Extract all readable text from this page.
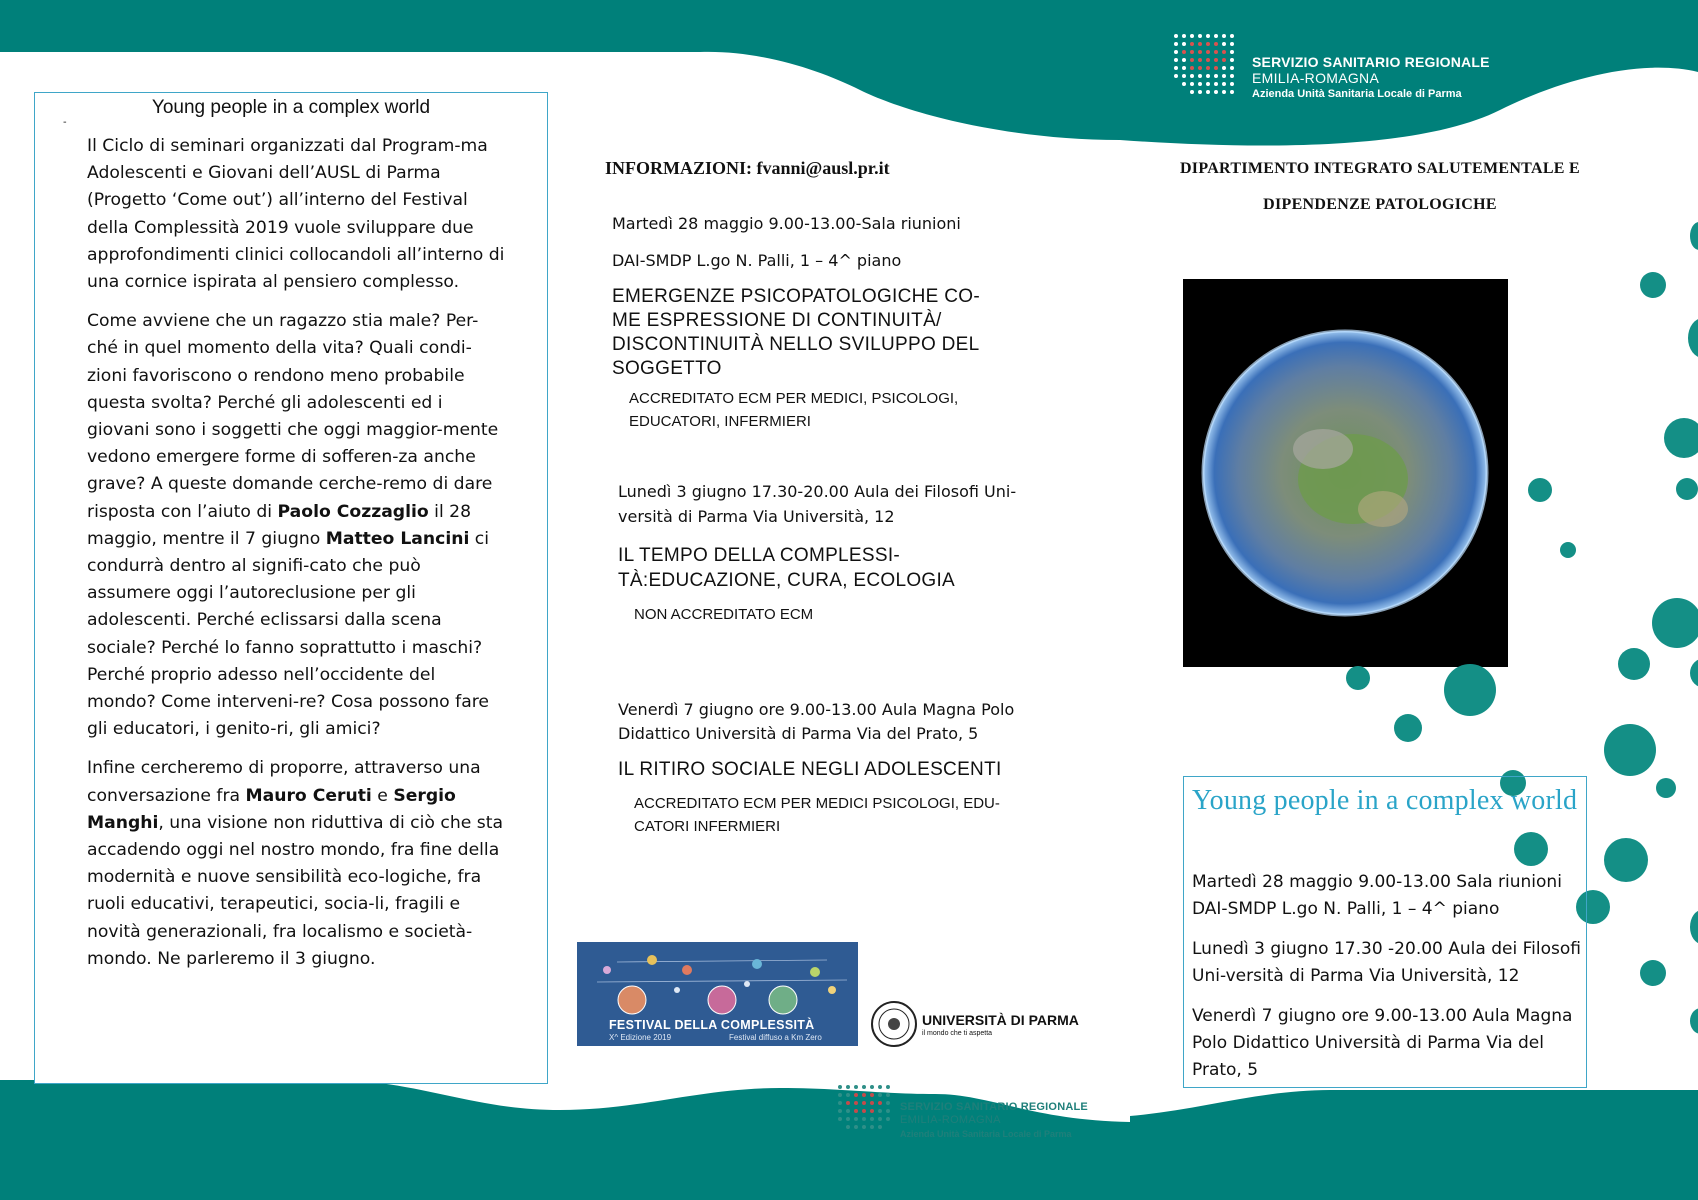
Young people in a complex world
-

Il Ciclo di seminari organizzati dal Program-ma Adolescenti e Giovani dell’AUSL di Parma (Progetto ‘Come out’) all’interno del Festival della Complessità 2019 vuole sviluppare due approfondimenti clinici collocandoli all’interno di una cornice ispirata al pensiero complesso.

Come avviene che un ragazzo stia male? Per-ché in quel momento della vita? Quali condi-zioni favoriscono o rendono meno probabile questa svolta? Perché gli adolescenti ed i giovani sono i soggetti che oggi maggior-mente vedono emergere forme di sofferen-za anche grave? A queste domande cerche-remo di dare risposta con l’aiuto di Paolo Cozzaglio il 28 maggio, mentre il 7 giugno Matteo Lancini ci condurrà dentro al signifi-cato che può assumere oggi l’autoreclusione per gli adolescenti. Perché eclissarsi dalla scena sociale? Perché lo fanno soprattutto i maschi? Perché proprio adesso nell’occidente del mondo? Come interveni-re? Cosa possono fare gli educatori, i genito-ri, gli amici?

Infine cercheremo di proporre, attraverso una conversazione fra Mauro Ceruti e Sergio Manghi, una visione non riduttiva di ciò che sta accadendo oggi nel nostro mondo, fra fine della modernità e nuove sensibilità eco-logiche, fra ruoli educativi, terapeutici, socia-li, fragili e novità generazionali, fra localismo e società-mondo. Ne parleremo il 3 giugno.

INFORMAZIONI: fvanni@ausl.pr.it
Martedì 28 maggio 9.00-13.00-Sala riunioni
DAI-SMDP L.go N. Palli, 1 – 4^ piano
EMERGENZE PSICOPATOLOGICHE CO-
ME ESPRESSIONE DI CONTINUITÀ/
DISCONTINUITÀ NELLO SVILUPPO DEL
SOGGETTO
ACCREDITATO ECM PER MEDICI, PSICOLOGI,
EDUCATORI, INFERMIERI
Lunedì 3 giugno 17.30-20.00 Aula dei Filosofi Uni-
versità di Parma Via Università, 12
IL TEMPO DELLA COMPLESSI-
TÀ:EDUCAZIONE, CURA, ECOLOGIA
NON ACCREDITATO ECM
Venerdì 7 giugno ore 9.00-13.00 Aula Magna Polo
Didattico Università di Parma Via del Prato, 5
IL RITIRO SOCIALE NEGLI ADOLESCENTI
ACCREDITATO ECM PER MEDICI PSICOLOGI, EDU-
CATORI INFERMIERI
FESTIVAL DELLA COMPLESSITÀ
X^ Edizione 2019	Festival diffuso a Km Zero
UNIVERSITÀ DI PARMA
il mondo che ti aspetta
SERVIZIO SANITARIO REGIONALE
EMILIA-ROMAGNA
Azienda Unità Sanitaria Locale di Parma
SERVIZIO SANITARIO REGIONALE
EMILIA-ROMAGNA
Azienda Unità Sanitaria Locale di Parma
DIPARTIMENTO INTEGRATO SALUTEMENTALE E
DIPENDENZE PATOLOGICHE
Young people in a complex world
Martedì 28 maggio 9.00-13.00 Sala riunioni DAI-SMDP L.go N. Palli, 1 – 4^ piano
Lunedì 3 giugno 17.30 -20.00 Aula dei Filosofi Uni-versità di Parma Via Università, 12
Venerdì 7 giugno ore 9.00-13.00 Aula Magna Polo Didattico Università di Parma Via del Prato, 5
